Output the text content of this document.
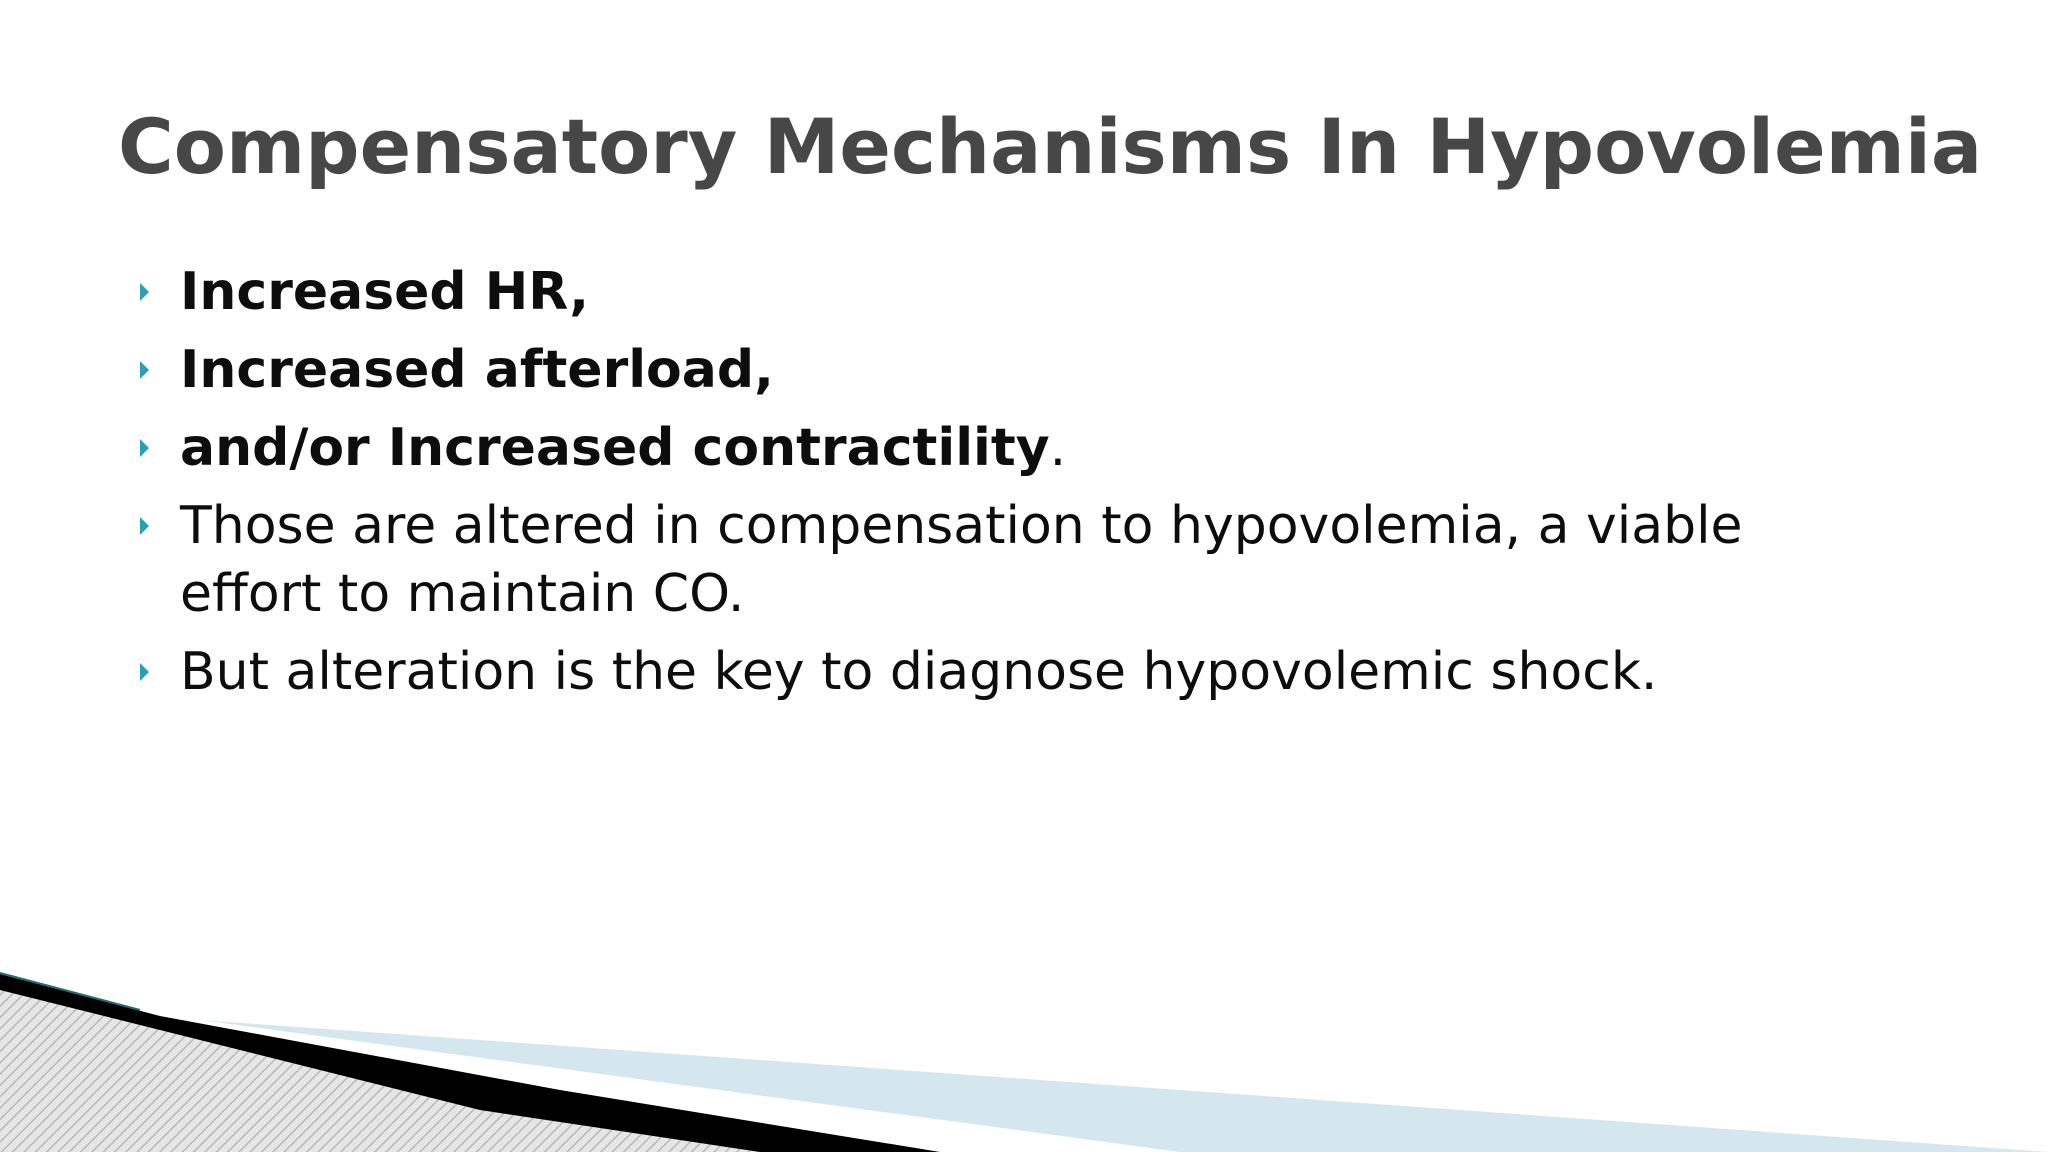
Compensatory Mechanisms In Hypovolemia
Increased HR,
Increased afterload,
and/or Increased contractility.
Those are altered in compensation to hypovolemia, a viable effort to maintain CO.
But alteration is the key to diagnose hypovolemic shock.
